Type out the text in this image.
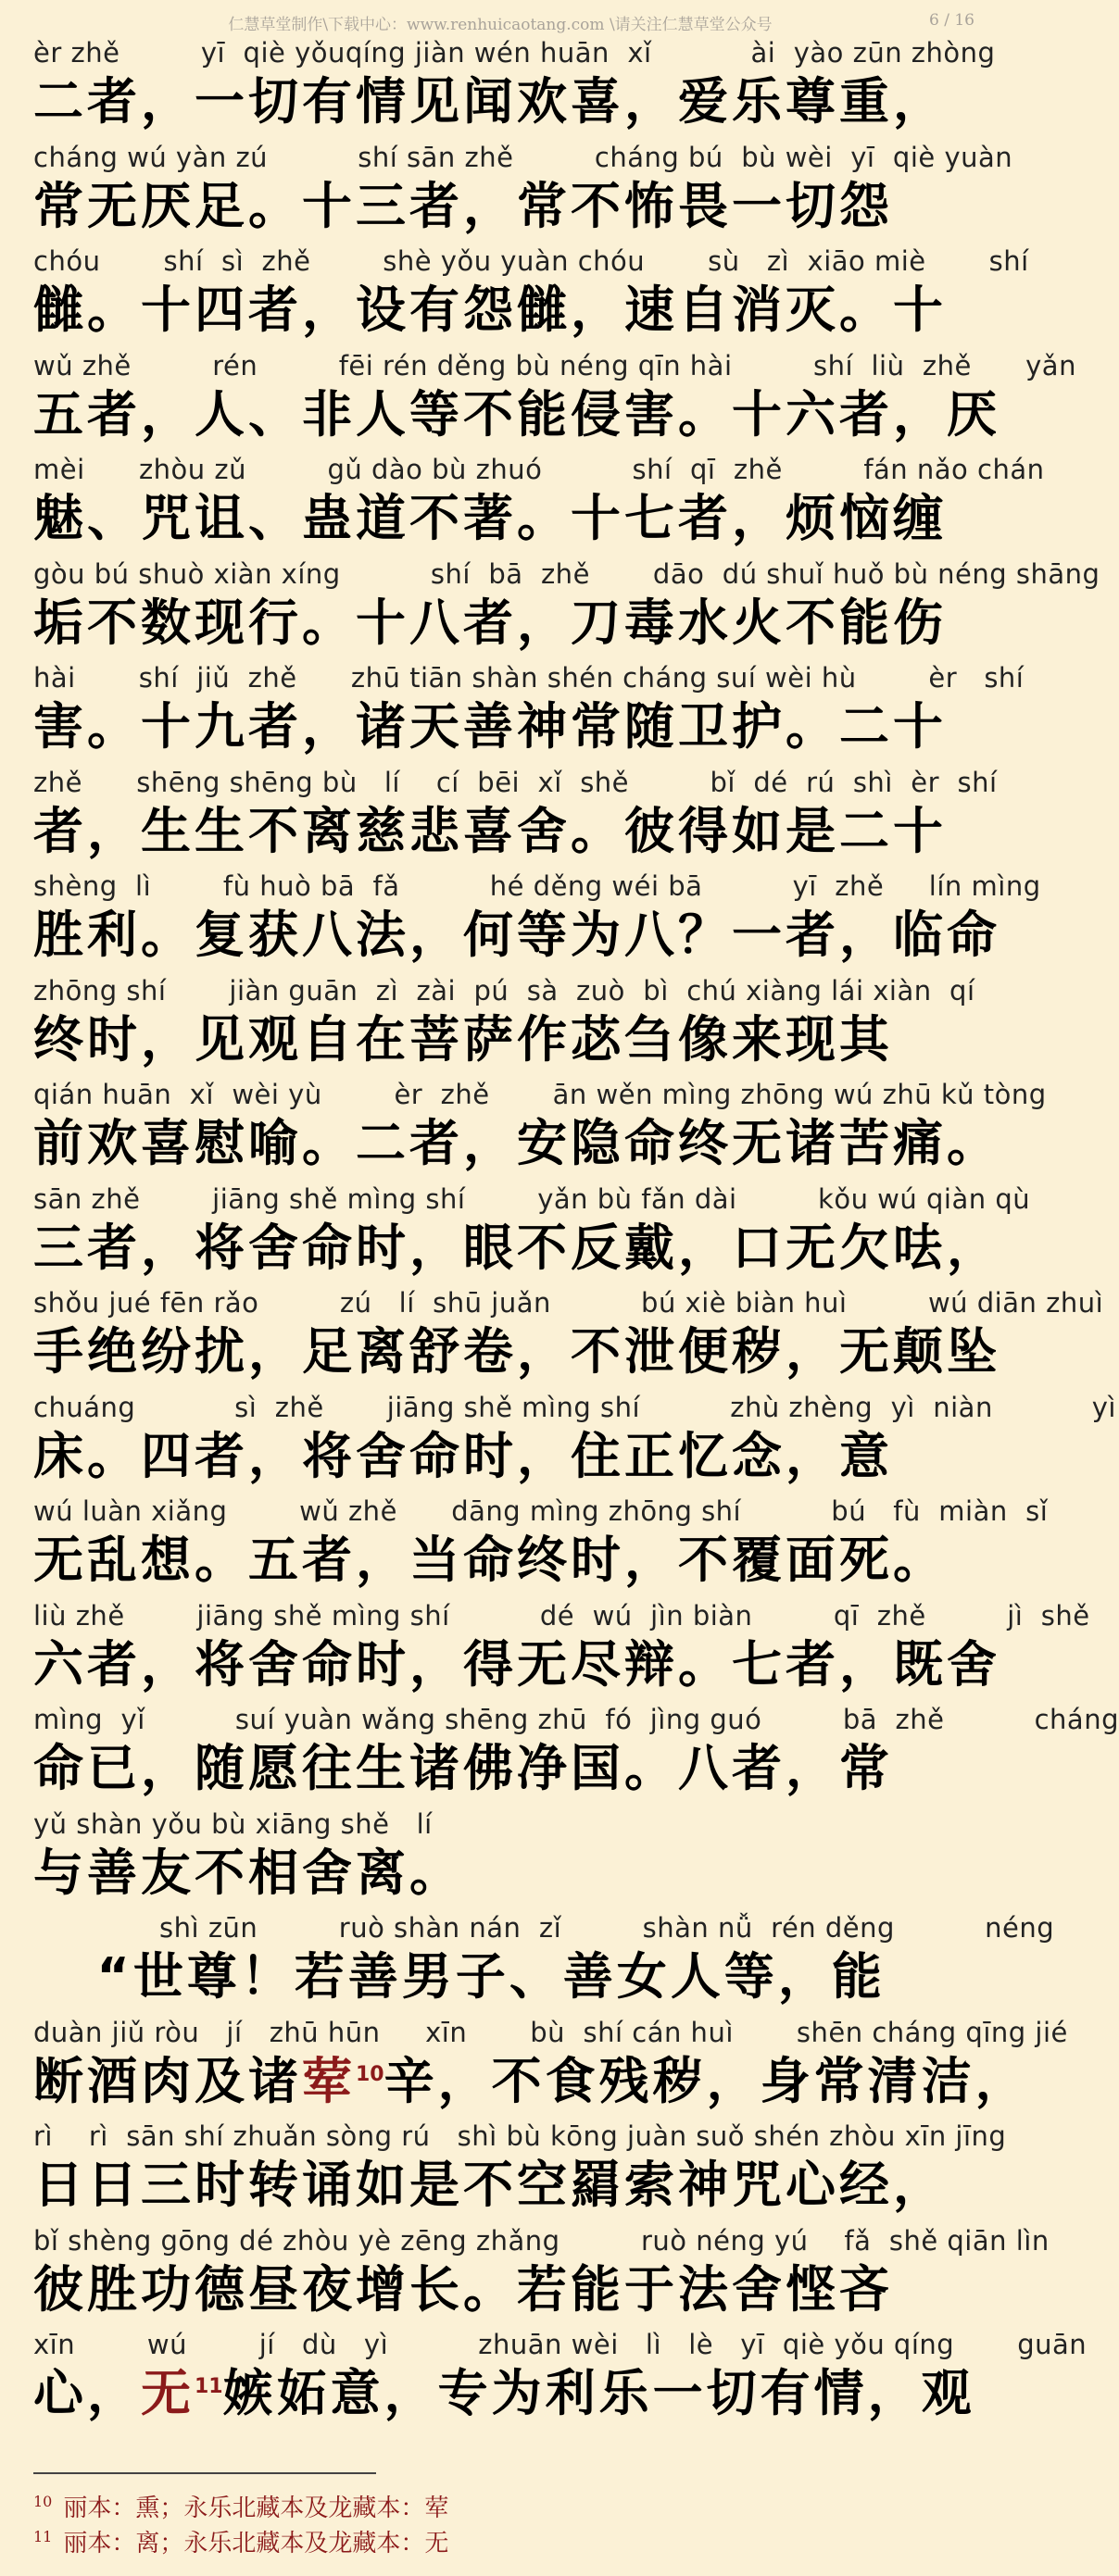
仁慧草堂制作\下载中心：www.renhuicaotang.com \请关注仁慧草堂公众号	6 / 16
èr zhě         yī  qiè yǒuqíng jiàn wén huān  xǐ           ài  yào zūn zhòng
二者，一切有情见闻欢喜，爱乐尊重，
cháng wú yàn zú          shí sān zhě         cháng bú  bù wèi  yī  qiè yuàn
常无厌足。十三者，常不怖畏一切怨
chóu       shí  sì  zhě        shè yǒu yuàn chóu       sù   zì  xiāo miè       shí
雠。十四者，设有怨雠，速自消灭。十
wǔ zhě         rén         fēi rén děng bù néng qīn hài         shí  liù  zhě      yǎn
五者，人、非人等不能侵害。十六者，厌
mèi      zhòu zǔ         gǔ dào bù zhuó          shí  qī  zhě         fán nǎo chán
魅、咒诅、蛊道不著。十七者，烦恼缠
gòu bú shuò xiàn xíng          shí  bā  zhě       dāo  dú shuǐ huǒ bù néng shāng
垢不数现行。十八者，刀毒水火不能伤
hài       shí  jiǔ  zhě      zhū tiān shàn shén cháng suí wèi hù        èr   shí
害。十九者，诸天善神常随卫护。二十
zhě      shēng shēng bù   lí    cí  bēi  xǐ  shě         bǐ  dé  rú  shì  èr  shí
者，生生不离慈悲喜舍。彼得如是二十
shèng  lì        fù huò bā  fǎ          hé děng wéi bā          yī  zhě     lín mìng
胜利。复获八法，何等为八？一者，临命
zhōng shí       jiàn guān  zì  zài  pú  sà  zuò  bì  chú xiàng lái xiàn  qí
终时，见观自在菩萨作苾刍像来现其
qián huān  xǐ  wèi yù        èr  zhě       ān wěn mìng zhōng wú zhū kǔ tòng
前欢喜慰喻。二者，安隐命终无诸苦痛。
sān zhě        jiāng shě mìng shí        yǎn bù fǎn dài         kǒu wú qiàn qù
三者，将舍命时，眼不反戴，口无欠呿，
shǒu jué fēn rǎo         zú   lí  shū juǎn          bú xiè biàn huì         wú diān zhuì
手绝纷扰，足离舒卷，不泄便秽，无颠坠
chuáng           sì  zhě       jiāng shě mìng shí          zhù zhèng  yì  niàn           yì
床。四者，将舍命时，住正忆念，意
wú luàn xiǎng        wǔ zhě      dāng mìng zhōng shí          bú   fù  miàn  sǐ
无乱想。五者，当命终时，不覆面死。
liù zhě        jiāng shě mìng shí          dé  wú  jìn biàn         qī  zhě         jì  shě
六者，将舍命时，得无尽辩。七者，既舍
mìng  yǐ          suí yuàn wǎng shēng zhū  fó  jìng guó         bā  zhě          cháng
命已，随愿往生诸佛净国。八者，常
yǔ shàn yǒu bù xiāng shě   lí
与善友不相舍离。
shì zūn         ruò shàn nán  zǐ         shàn nǚ  rén děng          néng
“世尊！若善男子、善女人等，能
duàn jiǔ ròu   jí   zhū hūn     xīn       bù  shí cán huì       shēn cháng qīng jié
断酒肉及诸荤$^{10}$辛，不食残秽，身常清洁，
rì    rì  sān shí zhuǎn sòng rú   shì bù kōng juàn suǒ shén zhòu xīn jīng
日日三时转诵如是不空羂索神咒心经，
bǐ shèng gōng dé zhòu yè zēng zhǎng         ruò néng yú    fǎ  shě qiān lìn
彼胜功德昼夜增长。若能于法舍悭吝
xīn        wú        jí   dù   yì          zhuān wèi   lì   lè   yī  qiè yǒu qíng       guān
心，无$^{11}$嫉妬意，专为利乐一切有情，观
$^{10}$ 丽本：熏；永乐北藏本及龙藏本：荤
$^{11}$ 丽本：离；永乐北藏本及龙藏本：无
